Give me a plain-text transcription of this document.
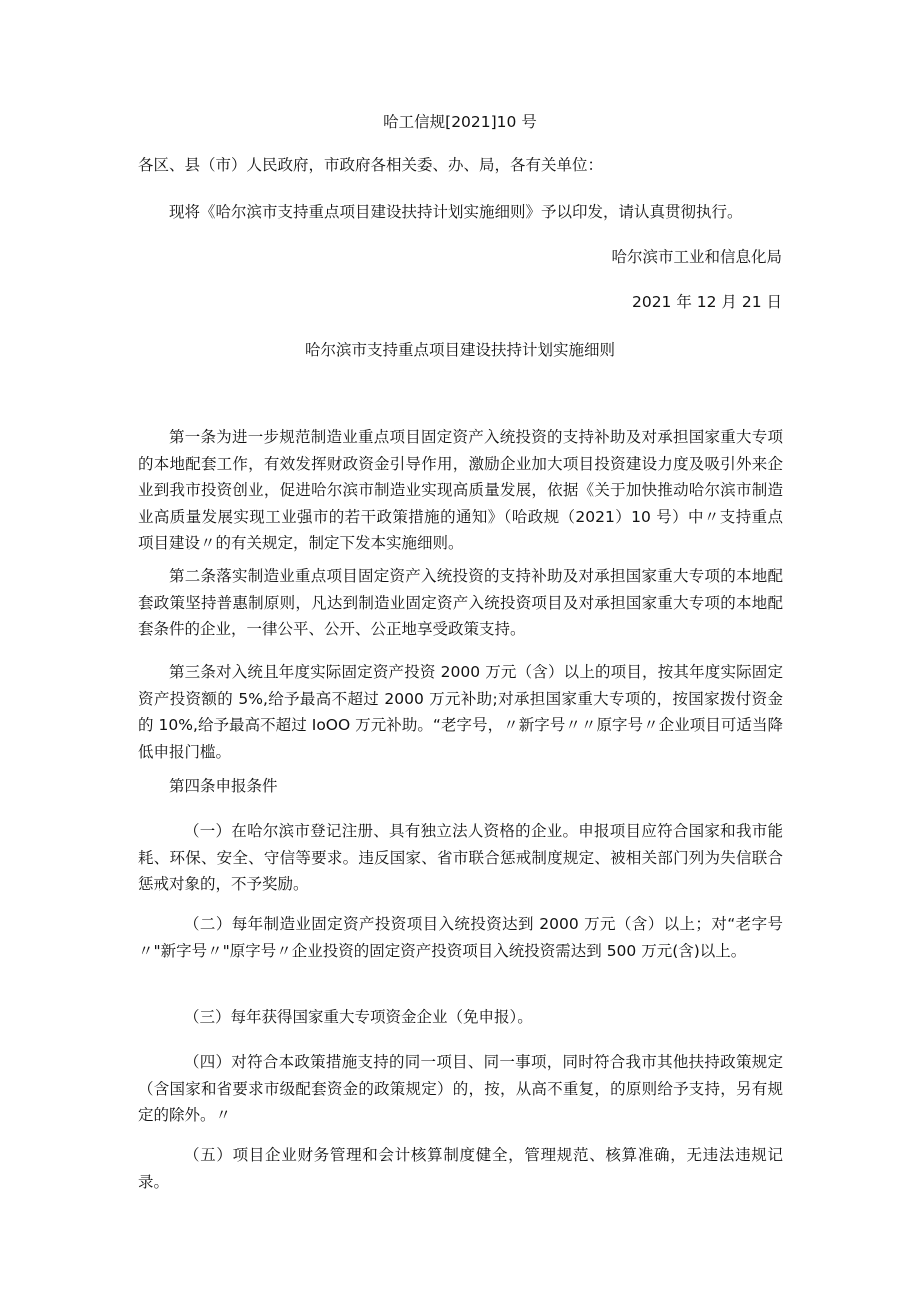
哈工信规[2021]10 号
各区、县（市）人民政府，市政府各相关委、办、局，各有关单位：
现将《哈尔滨市支持重点项目建设扶持计划实施细则》予以印发，请认真贯彻执行。
哈尔滨市工业和信息化局
2021 年 12 月 21 日
哈尔滨市支持重点项目建设扶持计划实施细则

第一条为进一步规范制造业重点项目固定资产入统投资的支持补助及对承担国家重大专项的本地配套工作，有效发挥财政资金引导作用，激励企业加大项目投资建设力度及吸引外来企业到我市投资创业，促进哈尔滨市制造业实现高质量发展，依据《关于加快推动哈尔滨市制造业高质量发展实现工业强市的若干政策措施的通知》（哈政规（2021）10 号）中〃支持重点项目建设〃的有关规定，制定下发本实施细则。

第二条落实制造业重点项目固定资产入统投资的支持补助及对承担国家重大专项的本地配套政策坚持普惠制原则，凡达到制造业固定资产入统投资项目及对承担国家重大专项的本地配套条件的企业，一律公平、公开、公正地享受政策支持。

第三条对入统且年度实际固定资产投资 2000 万元（含）以上的项目，按其年度实际固定资产投资额的 5%,给予最高不超过 2000 万元补助;对承担国家重大专项的，按国家拨付资金的 10%,给予最高不超过 IoOO 万元补助。“老字号，〃新字号〃〃原字号〃企业项目可适当降低申报门槛。

第四条申报条件

（一）在哈尔滨市登记注册、具有独立法人资格的企业。申报项目应符合国家和我市能耗、环保、安全、守信等要求。违反国家、省市联合惩戒制度规定、被相关部门列为失信联合惩戒对象的，不予奖励。

（二）每年制造业固定资产投资项目入统投资达到 2000 万元（含）以上；对“老字号〃"新字号〃"原字号〃企业投资的固定资产投资项目入统投资需达到 500 万元(含)以上。

（三）每年获得国家重大专项资金企业（免申报）。

（四）对符合本政策措施支持的同一项目、同一事项，同时符合我市其他扶持政策规定（含国家和省要求市级配套资金的政策规定）的，按，从高不重复，的原则给予支持，另有规定的除外。〃

（五）项目企业财务管理和会计核算制度健全，管理规范、核算准确，无违法违规记录。
